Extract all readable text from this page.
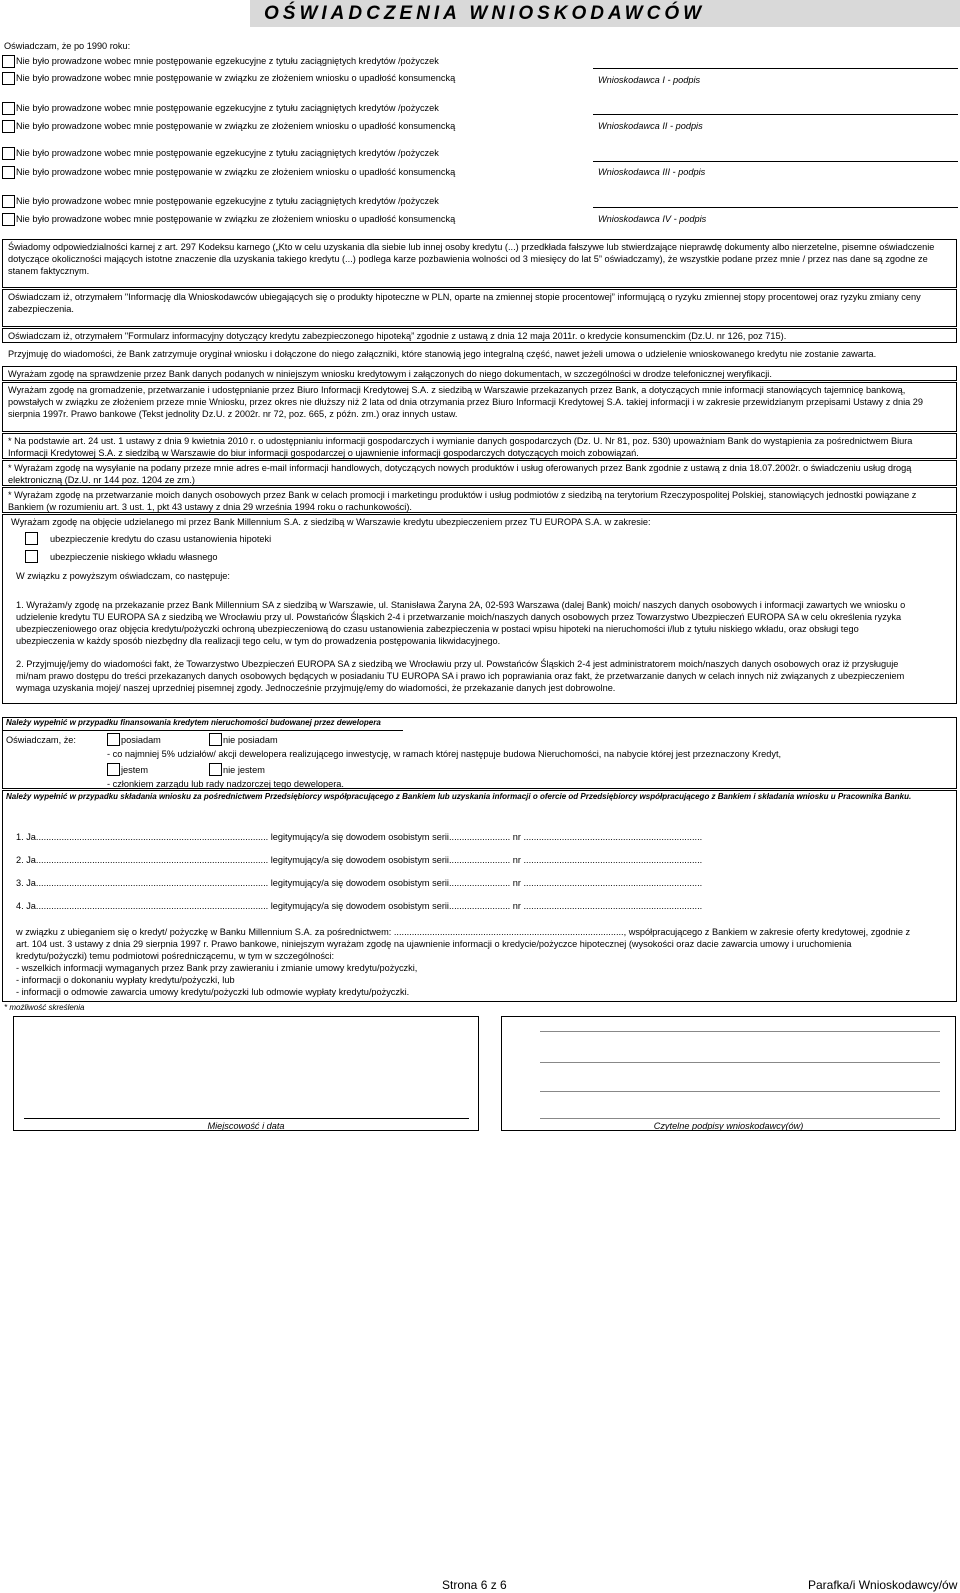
OŚWIADCZENIA WNIOSKODAWCÓW
Oświadczam, że po 1990 roku:
Nie było prowadzone wobec mnie postępowanie egzekucyjne z tytułu zaciągniętych kredytów /pożyczek
Nie było prowadzone wobec mnie postępowanie w związku ze złożeniem wniosku o upadłość konsumencką	Wnioskodawca I - podpis
Nie było prowadzone wobec mnie postępowanie egzekucyjne z tytułu zaciągniętych kredytów /pożyczek
Nie było prowadzone wobec mnie postępowanie w związku ze złożeniem wniosku o upadłość konsumencką	Wnioskodawca II - podpis
Nie było prowadzone wobec mnie postępowanie egzekucyjne z tytułu zaciągniętych kredytów /pożyczek
Nie było prowadzone wobec mnie postępowanie w związku ze złożeniem wniosku o upadłość konsumencką	Wnioskodawca III - podpis
Nie było prowadzone wobec mnie postępowanie egzekucyjne z tytułu zaciągniętych kredytów /pożyczek
Nie było prowadzone wobec mnie postępowanie w związku ze złożeniem wniosku o upadłość konsumencką	Wnioskodawca IV - podpis

Świadomy odpowiedzialności karnej z art. 297 Kodeksu karnego („Kto w celu uzyskania dla siebie lub innej osoby kredytu (...) przedkłada fałszywe lub stwierdzające nieprawdę dokumenty albo nierzetelne, pisemne oświadczenie dotyczące okoliczności mających istotne znaczenie dla uzyskania takiego kredytu (...) podlega karze pozbawienia wolności od 3 miesięcy do lat 5” oświadczamy), że wszystkie podane przez mnie / przez nas dane są zgodne ze stanem faktycznym.

Oświadczam iż, otrzymałem "Informację dla Wnioskodawców ubiegających się o produkty hipoteczne w PLN, oparte na zmiennej stopie procentowej” informującą o ryzyku zmiennej stopy procentowej oraz ryzyku zmiany ceny zabezpieczenia.

Oświadczam iż, otrzymałem "Formularz informacyjny dotyczący kredytu zabezpieczonego hipoteką” zgodnie z ustawą z dnia 12 maja 2011r. o kredycie konsumenckim (Dz.U. nr 126, poz 715).

Przyjmuję do wiadomości, że Bank zatrzymuje oryginał wniosku i dołączone do niego załączniki, które stanowią jego integralną część, nawet jeżeli umowa o udzielenie wnioskowanego kredytu nie zostanie zawarta.

Wyrażam zgodę na sprawdzenie przez Bank danych podanych w niniejszym wniosku kredytowym i załączonych do niego dokumentach, w szczególności w drodze telefonicznej weryfikacji.

Wyrażam zgodę na gromadzenie, przetwarzanie i udostępnianie przez Biuro Informacji Kredytowej S.A. z siedzibą w Warszawie przekazanych przez Bank, a dotyczących mnie informacji stanowiących tajemnicę bankową, powstałych w związku ze złożeniem przeze mnie Wniosku, przez okres nie dłuższy niż 2 lata od dnia otrzymania przez Biuro Informacji Kredytowej S.A. takiej informacji i w zakresie przewidzianym przepisami Ustawy z dnia 29 sierpnia 1997r. Prawo bankowe (Tekst jednolity Dz.U. z 2002r. nr 72, poz. 665, z późn. zm.) oraz innych ustaw.

* Na podstawie art. 24 ust. 1 ustawy z dnia 9 kwietnia 2010 r. o udostępnianiu informacji gospodarczych i wymianie danych gospodarczych (Dz. U. Nr 81, poz. 530) upoważniam Bank do wystąpienia za pośrednictwem Biura Informacji Kredytowej S.A. z siedzibą w Warszawie do biur informacji gospodarczej o ujawnienie informacji gospodarczych dotyczących moich zobowiązań.

* Wyrażam zgodę na wysyłanie na podany przeze mnie adres e-mail informacji handlowych, dotyczących nowych produktów i usług oferowanych przez Bank zgodnie z ustawą z dnia 18.07.2002r. o świadczeniu usług drogą elektroniczną (Dz.U. nr 144 poz. 1204 ze zm.)

* Wyrażam zgodę na przetwarzanie moich danych osobowych przez Bank w celach promocji i marketingu produktów i usług podmiotów z siedzibą na terytorium Rzeczypospolitej Polskiej, stanowiących jednostki powiązane z Bankiem (w rozumieniu art. 3 ust. 1, pkt 43 ustawy z dnia 29 września 1994 roku o rachunkowości).

Wyrażam zgodę na objęcie udzielanego mi przez Bank Millennium S.A. z siedzibą w Warszawie kredytu ubezpieczeniem przez TU EUROPA S.A. w zakresie:
ubezpieczenie kredytu do czasu ustanowienia hipoteki
ubezpieczenie niskiego wkładu własnego
W związku z powyższym oświadczam, co następuje:
1. Wyrażam/y zgodę na przekazanie przez Bank Millennium SA z siedzibą w Warszawie, ul. Stanisława Żaryna 2A, 02-593 Warszawa (dalej Bank) moich/ naszych danych osobowych i informacji zawartych we wniosku o udzielenie kredytu TU EUROPA SA z siedzibą we Wrocławiu przy ul. Powstańców Śląskich 2-4 i przetwarzanie moich/naszych danych osobowych przez Towarzystwo Ubezpieczeń EUROPA SA w celu określenia ryzyka ubezpieczeniowego oraz objęcia kredytu/pożyczki ochroną ubezpieczeniową do czasu ustanowienia zabezpieczenia w postaci wpisu hipoteki na nieruchomości i/lub z tytułu niskiego wkładu, oraz obsługi tego ubezpieczenia w każdy sposób niezbędny dla realizacji tego celu, w tym do prowadzenia postępowania likwidacyjnego.
2. Przyjmuję/jemy do wiadomości fakt, że Towarzystwo Ubezpieczeń EUROPA SA z siedzibą we Wrocławiu przy ul. Powstańców Śląskich 2-4 jest administratorem moich/naszych danych osobowych oraz iż przysługuje mi/nam prawo dostępu do treści przekazanych danych osobowych będących w posiadaniu TU EUROPA SA i prawo ich poprawiania oraz fakt, że przetwarzanie danych w celach innych niż związanych z ubezpieczeniem wymaga uzyskania mojej/ naszej uprzedniej pisemnej zgody. Jednocześnie przyjmuję/emy do wiadomości, że przekazanie danych jest dobrowolne.
Należy wypełnić w przypadku finansowania kredytem nieruchomości budowanej przez dewelopera
Oświadczam, że:	posiadam	nie posiadam
- co najmniej 5% udziałów/ akcji dewelopera realizującego inwestycję, w ramach której następuje budowa Nieruchomości, na nabycie której jest przeznaczony Kredyt,
jestem	nie jestem
- członkiem zarządu lub rady nadzorczej tego dewelopera.
Należy wypełnić w przypadku składania wniosku za pośrednictwem Przedsiębiorcy współpracującego z Bankiem lub uzyskania informacji o ofercie od Przedsiębiorcy współpracującego z Bankiem i składania wniosku u Pracownika Banku.
1. Ja........................................................................................... legitymujący/a się dowodem osobistym serii........................ nr ......................................................................
2. Ja........................................................................................... legitymujący/a się dowodem osobistym serii........................ nr ......................................................................
3. Ja........................................................................................... legitymujący/a się dowodem osobistym serii........................ nr ......................................................................
4. Ja........................................................................................... legitymujący/a się dowodem osobistym serii........................ nr ......................................................................
w związku z ubieganiem się o kredyt/ pożyczkę w Banku Millennium S.A. za pośrednictwem: .........................................................................................., współpracującego z Bankiem w zakresie oferty kredytowej, zgodnie z art. 104 ust. 3 ustawy z dnia 29 sierpnia 1997 r. Prawo bankowe, niniejszym wyrażam zgodę na ujawnienie informacji o kredycie/pożyczce hipotecznej (wysokości oraz dacie zawarcia umowy i uruchomienia kredytu/pożyczki) temu podmiotowi pośredniczącemu, w tym w szczególności:
- wszelkich informacji wymaganych przez Bank przy zawieraniu i zmianie umowy kredytu/pożyczki,
- informacji o dokonaniu wypłaty kredytu/pożyczki, lub
- informacji o odmowie zawarcia umowy kredytu/pożyczki lub odmowie wypłaty kredytu/pożyczki.
* możliwość skreślenia
Miejscowość i data	Czytelne podpisy wnioskodawcy(ów)
Strona 6 z 6	Parafka/i Wnioskodawcy/ów
